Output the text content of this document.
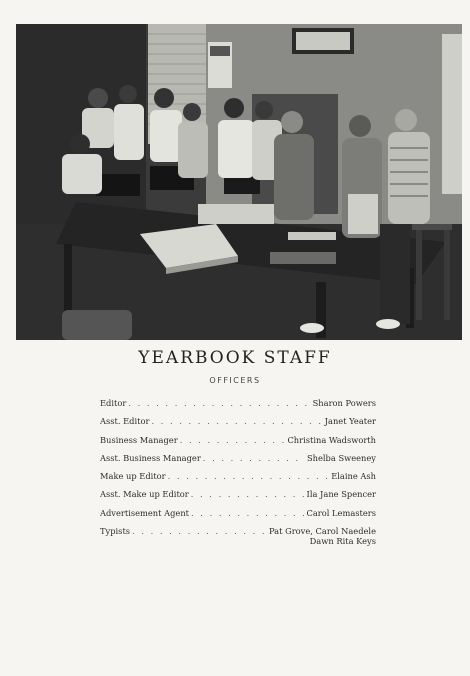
YEARBOOK STAFF
OFFICERS
Editor . . .	Sharon Powers
Asst. Editor . . .	Janet Yeater
Business Manager . . .	Christina Wadsworth
Asst. Business Manager . . .	Shelba Sweeney
Make up Editor . . .	Elaine Ash
Asst. Make up Editor . . .	Ila Jane Spencer
Advertisement Agent . . .	Carol Lemasters
Typists . . .	Pat Grove, Carol Naedele
Dawn Rita Keys
